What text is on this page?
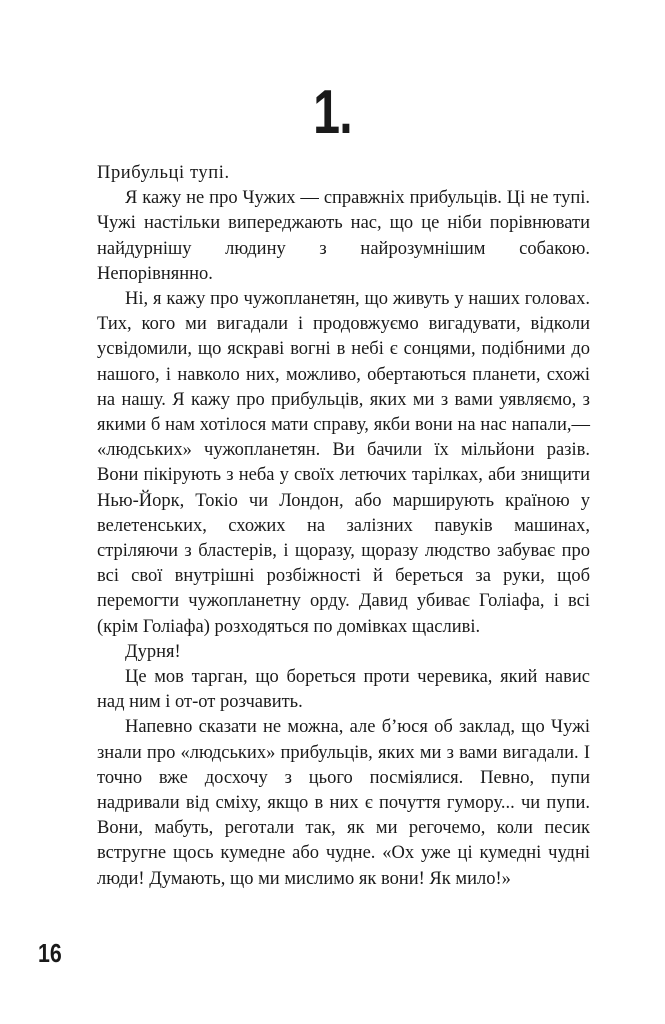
1.

Прибульці тупі.

Я кажу не про Чужих — справжніх прибульців. Ці не тупі. Чужі настільки випереджають нас, що це ніби порівнювати найдурнішу людину з найрозумнішим собакою. Непорівнянно.

Ні, я кажу про чужопланетян, що живуть у наших головах. Тих, кого ми вигадали і продовжуємо вигадувати, відколи усвідомили, що яскраві вогні в небі є сонцями, подібними до нашого, і навколо них, можливо, обертаються планети, схожі на нашу. Я кажу про прибульців, яких ми з вами уявляємо, з якими б нам хотілося мати справу, якби вони на нас напали,— «людських» чужопланетян. Ви бачили їх мільйони разів. Вони пікірують з неба у своїх летючих тарілках, аби знищити Нью-Йорк, Токіо чи Лондон, або марширують країною у велетенських, схожих на залізних павуків машинах, стріляючи з бластерів, і щоразу, щоразу людство забуває про всі свої внутрішні розбіжності й береться за руки, щоб перемогти чужопланетну орду. Давид убиває Голіафа, і всі (крім Голіафа) розходяться по домівках щасливі.

Дурня!

Це мов тарган, що бореться проти черевика, який навис над ним і от-от розчавить.

Напевно сказати не можна, але б’юся об заклад, що Чужі знали про «людських» прибульців, яких ми з вами вигадали. І точно вже досхочу з цього посміялися. Певно, пупи надривали від сміху, якщо в них є почуття гумору... чи пупи. Вони, мабуть, реготали так, як ми регочемо, коли песик встругне щось кумедне або чудне. «Ох уже ці кумедні чудні люди! Думають, що ми мислимо як вони! Як мило!»

16
